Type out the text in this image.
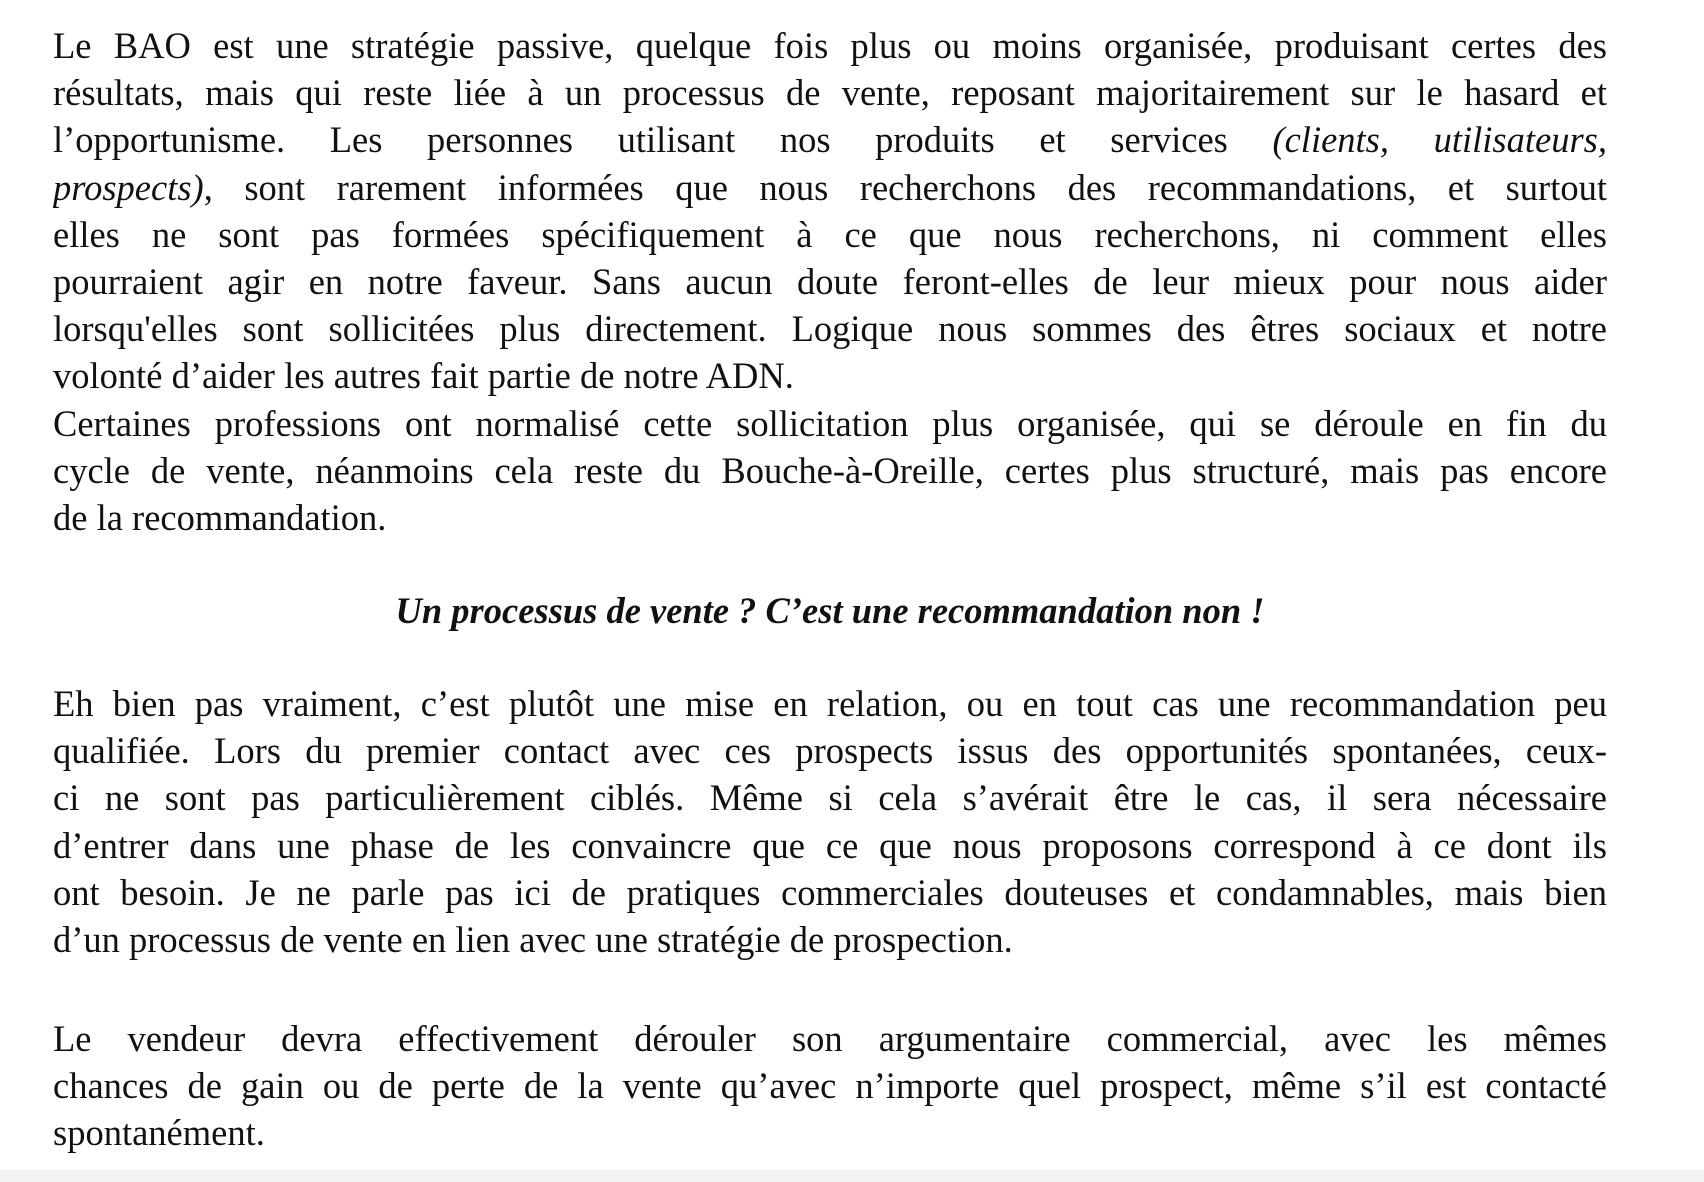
Le BAO est une stratégie passive, quelque fois plus ou moins organisée, produisant certes des
résultats, mais qui reste liée à un processus de vente, reposant majoritairement sur le hasard et
l’opportunisme. Les personnes utilisant nos produits et services (clients, utilisateurs,
prospects), sont rarement informées que nous recherchons des recommandations, et surtout
elles ne sont pas formées spécifiquement à ce que nous recherchons, ni comment elles
pourraient agir en notre faveur. Sans aucun doute feront-elles de leur mieux pour nous aider
lorsqu'elles sont sollicitées plus directement. Logique nous sommes des êtres sociaux et notre
volonté d’aider les autres fait partie de notre ADN.
Certaines professions ont normalisé cette sollicitation plus organisée, qui se déroule en fin du
cycle de vente, néanmoins cela reste du Bouche-à-Oreille, certes plus structuré, mais pas encore
de la recommandation.
Un processus de vente ? C’est une recommandation non !
Eh bien pas vraiment, c’est plutôt une mise en relation, ou en tout cas une recommandation peu
qualifiée. Lors du premier contact avec ces prospects issus des opportunités spontanées, ceux-
ci ne sont pas particulièrement ciblés. Même si cela s’avérait être le cas, il sera nécessaire
d’entrer dans une phase de les convaincre que ce que nous proposons correspond à ce dont ils
ont besoin. Je ne parle pas ici de pratiques commerciales douteuses et condamnables, mais bien
d’un processus de vente en lien avec une stratégie de prospection.
Le vendeur devra effectivement dérouler son argumentaire commercial, avec les mêmes
chances de gain ou de perte de la vente qu’avec n’importe quel prospect, même s’il est contacté
spontanément.
